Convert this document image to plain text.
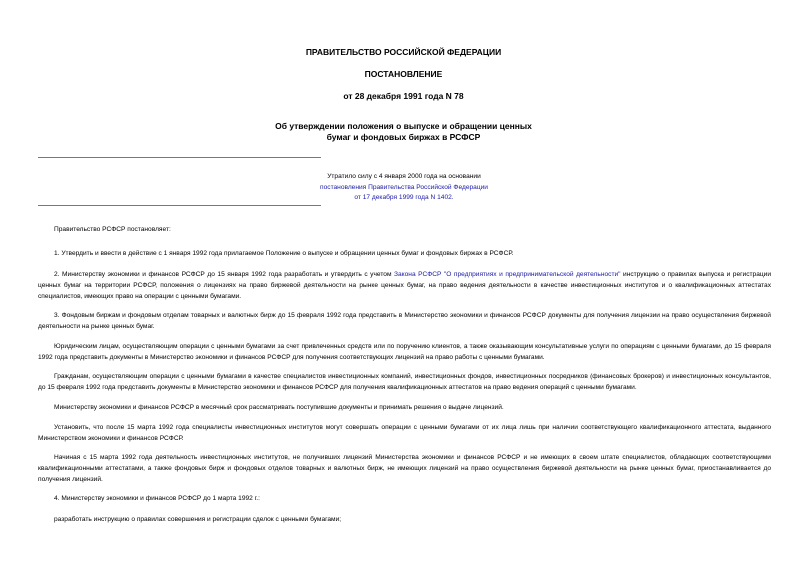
ПРАВИТЕЛЬСТВО РОССИЙСКОЙ ФЕДЕРАЦИИ
ПОСТАНОВЛЕНИЕ
от 28 декабря 1991 года N 78
Об утверждении положения о выпуске и обращении ценных
бумаг и фондовых биржах в РСФСР
Утратило силу с 4 января 2000 года на основании
постановления Правительства Российской Федерации
от 17 декабря 1999 года N 1402.
Правительство РСФСР постановляет:
1. Утвердить и ввести в действие с 1 января 1992 года прилагаемое Положение о выпуске и обращении ценных бумаг и фондовых биржах в РСФСР.
2. Министерству экономики и финансов РСФСР до 15 января 1992 года разработать и утвердить с учетом Закона РСФСР "О предприятиях и предпринимательской деятельности" инструкцию о правилах выпуска и регистрации ценных бумаг на территории РСФСР, положения о лицензиях на право биржевой деятельности на рынке ценных бумаг, на право ведения деятельности в качестве инвестиционных институтов и о квалификационных аттестатах специалистов, имеющих право на операции с ценными бумагами.
3. Фондовым биржам и фондовым отделам товарных и валютных бирж до 15 февраля 1992 года представить в Министерство экономики и финансов РСФСР документы для получения лицензии на право осуществления биржевой деятельности на рынке ценных бумаг.
Юридическим лицам, осуществляющим операции с ценными бумагами за счет привлеченных средств или по поручению клиентов, а также оказывающим консультативные услуги по операциям с ценными бумагами, до 15 февраля 1992 года представить документы в Министерство экономики и финансов РСФСР для получения соответствующих лицензий на право работы с ценными бумагами.
Гражданам, осуществляющим операции с ценными бумагами в качестве специалистов инвестиционных компаний, инвестиционных фондов, инвестиционных посредников (финансовых брокеров) и инвестиционных консультантов, до 15 февраля 1992 года представить документы в Министерство экономики и финансов РСФСР для получения квалификационных аттестатов на право ведения операций с ценными бумагами.
Министерству экономики и финансов РСФСР в месячный срок рассматривать поступившие документы и принимать решения о выдаче лицензий.
Установить, что после 15 марта 1992 года специалисты инвестиционных институтов могут совершать операции с ценными бумагами от их лица лишь при наличии соответствующего квалификационного аттестата, выданного Министерством экономики и финансов РСФСР.
Начиная с 15 марта 1992 года деятельность инвестиционных институтов, не получивших лицензий Министерства экономики и финансов РСФСР и не имеющих в своем штате специалистов, обладающих соответствующими квалификационными аттестатами, а также фондовых бирж и фондовых отделов товарных и валютных бирж, не имеющих лицензий на право осуществления биржевой деятельности на рынке ценных бумаг, приостанавливается до получения лицензий.
4. Министерству экономики и финансов РСФСР до 1 марта 1992 г.:
разработать инструкцию о правилах совершения и регистрации сделок с ценными бумагами;
